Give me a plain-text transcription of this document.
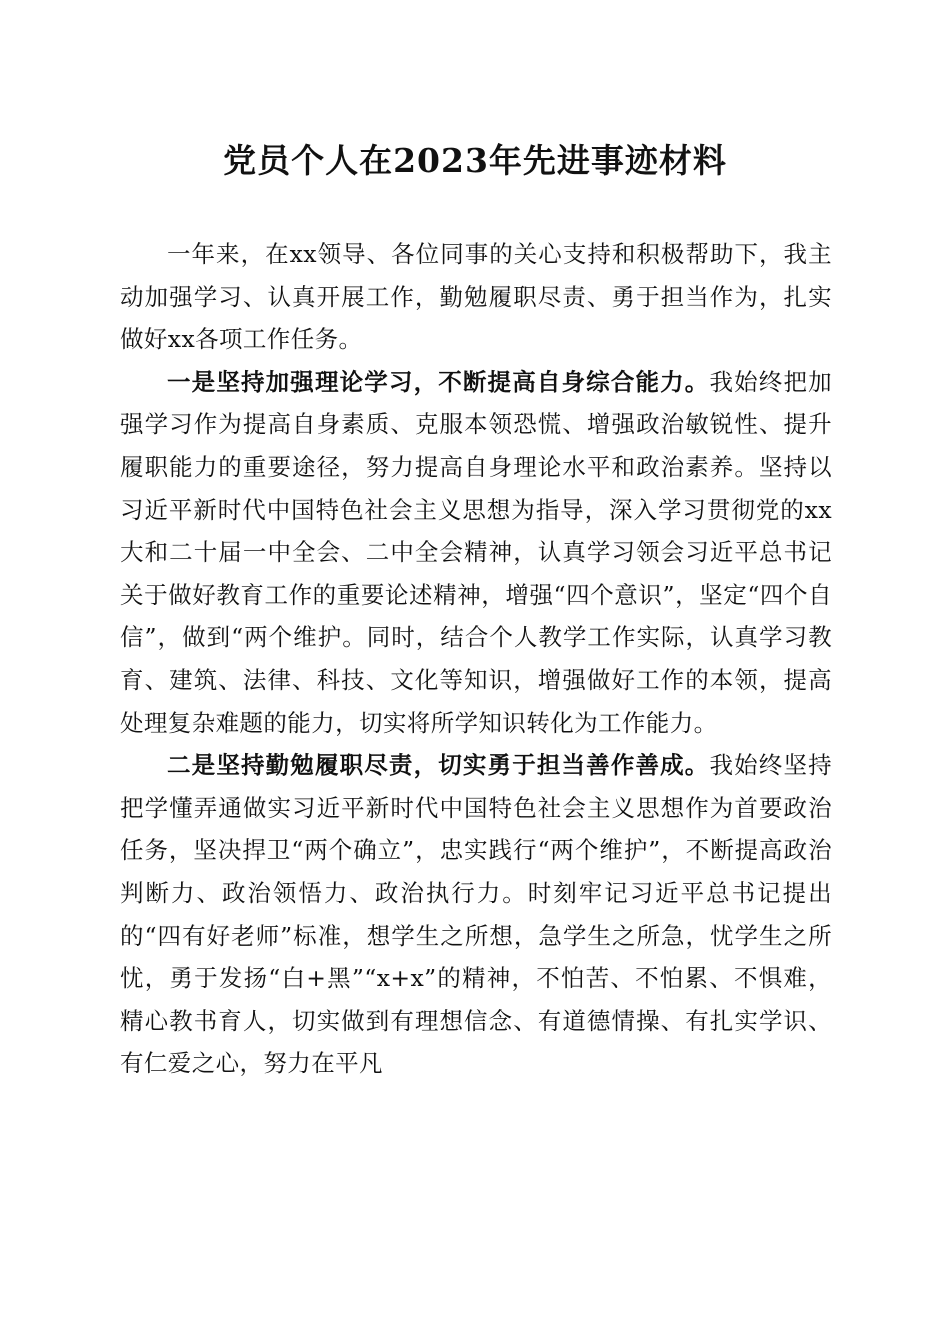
党员个人在2023年先进事迹材料

一年来，在xx领导、各位同事的关心支持和积极帮助下，我主动加强学习、认真开展工作，勤勉履职尽责、勇于担当作为，扎实做好xx各项工作任务。

一是坚持加强理论学习，不断提高自身综合能力。我始终把加强学习作为提高自身素质、克服本领恐慌、增强政治敏锐性、提升履职能力的重要途径，努力提高自身理论水平和政治素养。坚持以习近平新时代中国特色社会主义思想为指导，深入学习贯彻党的xx大和二十届一中全会、二中全会精神，认真学习领会习近平总书记关于做好教育工作的重要论述精神，增强“四个意识”，坚定“四个自信”，做到“两个维护。同时，结合个人教学工作实际，认真学习教育、建筑、法律、科技、文化等知识，增强做好工作的本领，提高处理复杂难题的能力，切实将所学知识转化为工作能力。

二是坚持勤勉履职尽责，切实勇于担当善作善成。我始终坚持把学懂弄通做实习近平新时代中国特色社会主义思想作为首要政治任务，坚决捍卫“两个确立”，忠实践行“两个维护”，不断提高政治判断力、政治领悟力、政治执行力。时刻牢记习近平总书记提出的“四有好老师”标准，想学生之所想，急学生之所急，忧学生之所忧，勇于发扬“白+黑”“x+x”的精神，不怕苦、不怕累、不惧难，精心教书育人，切实做到有理想信念、有道德情操、有扎实学识、有仁爱之心，努力在平凡
